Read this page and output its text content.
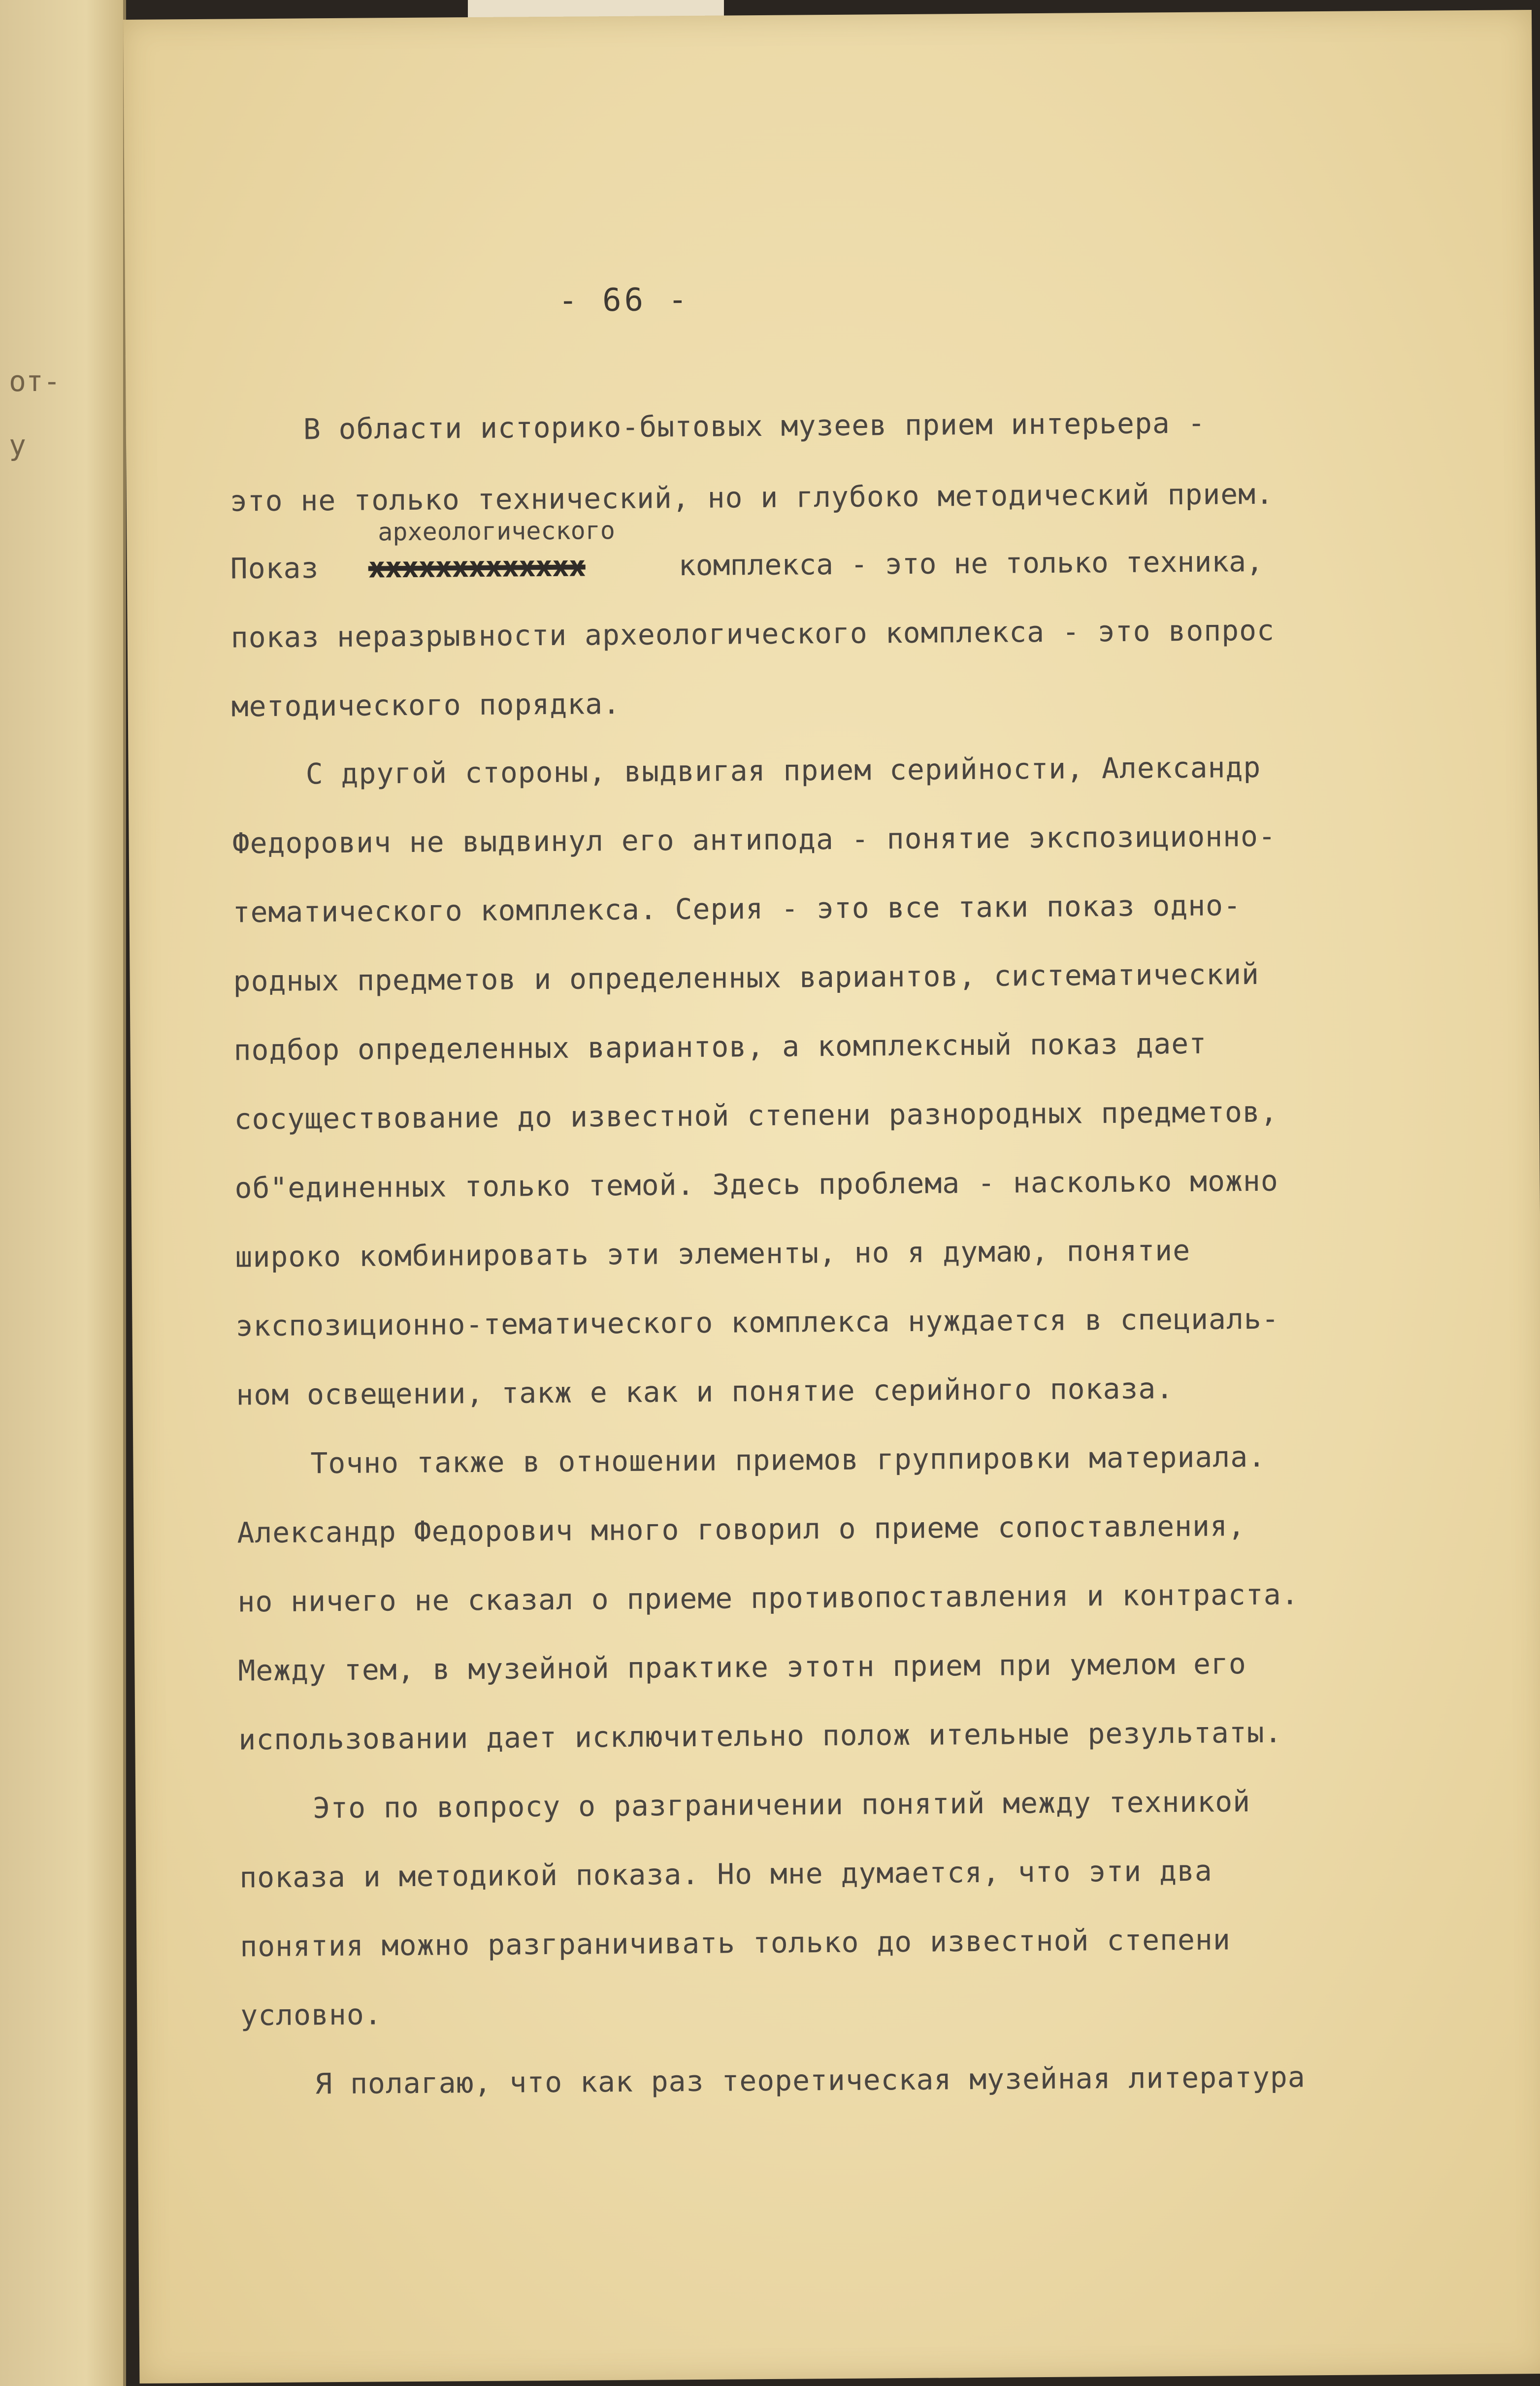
от-
у
- 66 -
В области историко-бытовых музеев прием интерьера -
это не только технический, но и глубоко методический прием.
археологического
Показ ххххххххххххх	комплекса - это не только техника,
показ неразрывности археологического комплекса - это вопрос
методического порядка.
С другой стороны, выдвигая прием серийности, Александр
Федорович не выдвинул его антипода - понятие экспозиционно-
тематического комплекса. Серия - это все таки показ одно-
родных предметов и определенных вариантов, систематический
подбор определенных вариантов, а комплексный показ дает
сосуществование до известной степени разнородных предметов,
об"единенных только темой. Здесь проблема - насколько можно
широко комбинировать эти элементы, но я думаю, понятие
экспозиционно-тематического комплекса нуждается в специаль-
ном освещении, такж е как и понятие серийного показа.
Точно также в отношении приемов группировки материала.
Александр Федорович много говорил о приеме сопоставления,
но ничего не сказал о приеме противопоставления и контраста.
Между тем, в музейной практике этотн прием при умелом его
использовании дает исключительно полож ительные результаты.
Это по вопросу о разграничении понятий между техникой
показа и методикой показа. Но мне думается, что эти два
понятия можно разграничивать только до известной степени
условно.
Я полагаю, что как раз теоретическая музейная литература
